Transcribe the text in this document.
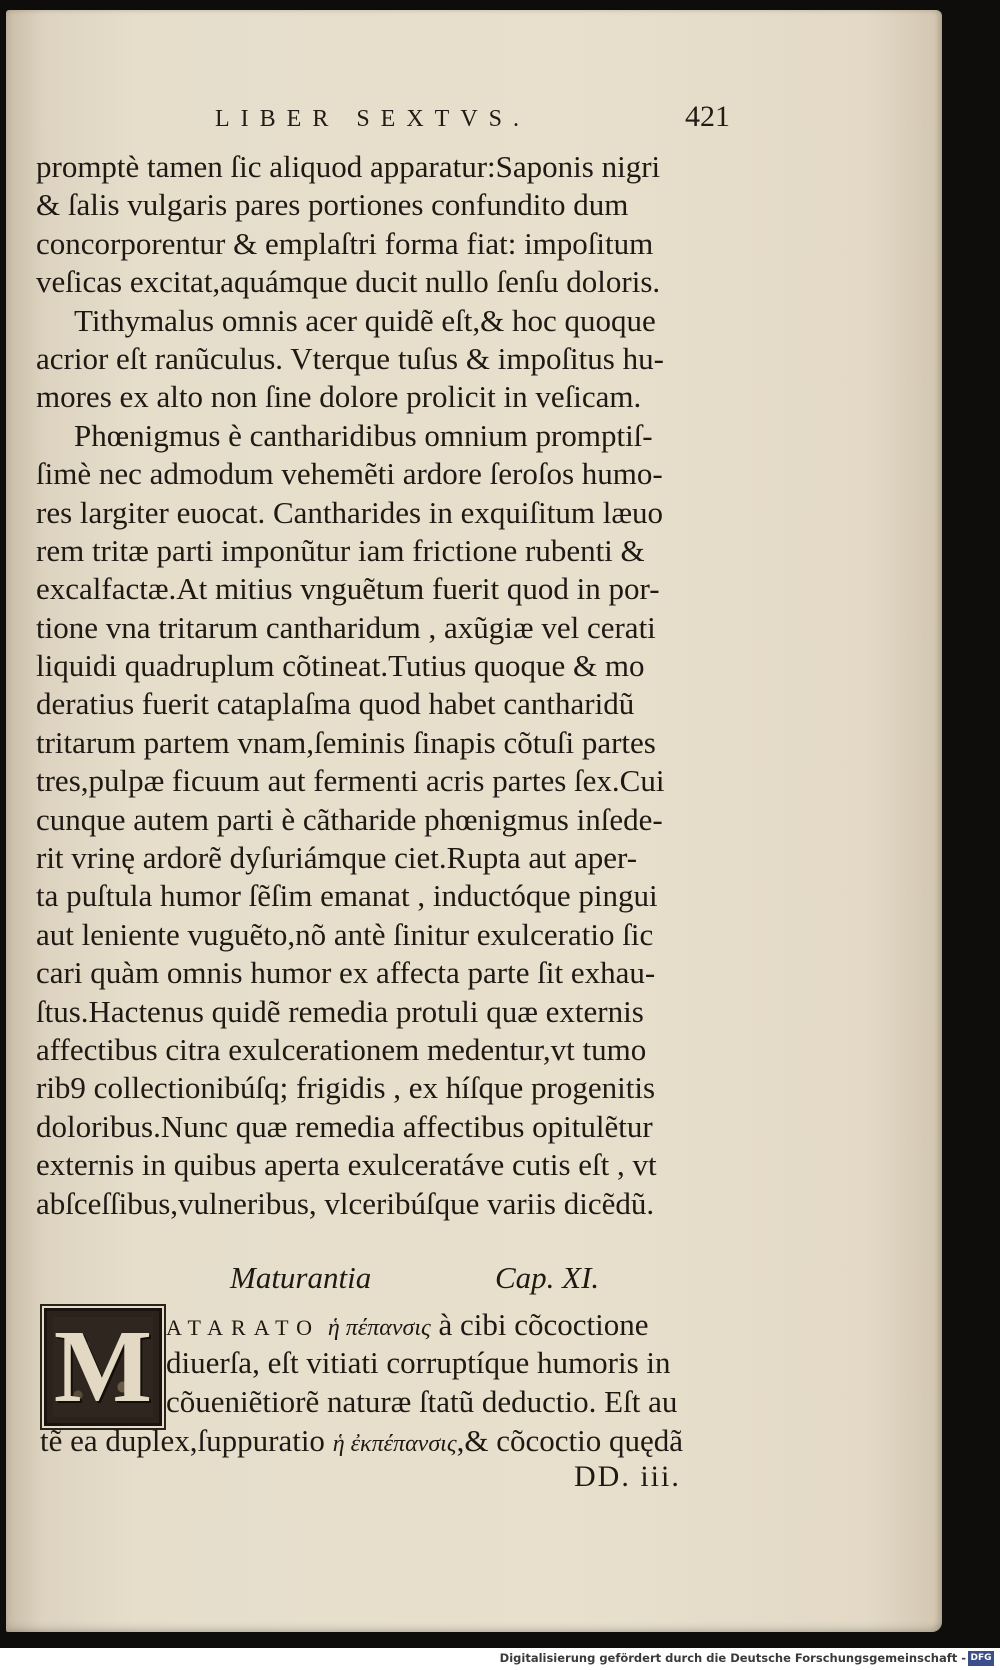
LIBER SEXTVS.	421
promptè tamen ſic aliquod apparatur:Saponis nigri
& ſalis vulgaris pares portiones confundito dum
concorporentur & emplaſtri forma fiat: impoſitum
veſicas excitat,aquámque ducit nullo ſenſu doloris.
Tithymalus omnis acer quidẽ eſt,& hoc quoque
acrior eſt ranũculus. Vterque tuſus & impoſitus hu-
mores ex alto non ſine dolore prolicit in veſicam.
Phœnigmus è cantharidibus omnium promptiſ-
ſimè nec admodum vehemẽti ardore ſeroſos humo-
res largiter euocat. Cantharides in exquiſitum læuo
rem tritæ parti imponũtur iam frictione rubenti &
excalfactæ.At mitius vnguẽtum fuerit quod in por-
tione vna tritarum cantharidum , axũgiæ vel cerati
liquidi quadruplum cõtineat.Tutius quoque & mo
deratius fuerit cataplaſma quod habet cantharidũ
tritarum partem vnam,ſeminis ſinapis cõtuſi partes
tres,pulpæ ficuum aut fermenti acris partes ſex.Cui
cunque autem parti è cãtharide phœnigmus inſede-
rit vrinę ardorẽ dyſuriámque ciet.Rupta aut aper-
ta puſtula humor ſẽſim emanat , inductóque pingui
aut leniente vuguẽto,nõ antè ſinitur exulceratio ſic
cari quàm omnis humor ex affecta parte ſit exhau-
ſtus.Hactenus quidẽ remedia protuli quæ externis
affectibus citra exulcerationem medentur,vt tumo
rib9 collectionibúſq; frigidis , ex híſque progenitis
doloribus.Nunc quæ remedia affectibus opitulẽtur
externis in quibus aperta exulceratáve cutis eſt , vt
abſceſſibus,vulneribus, vlceribúſque variis dicẽdũ.
Maturantia	Cap. XI.
M ATARATO ἡ πέπανσις à cibi cõcoctione
diuerſa, eſt vitiati corruptíque humoris in
cõueniẽtiorẽ naturæ ſtatũ deductio. Eſt au
tẽ ea duplex,ſuppuratio ἡ ἐκπέπανσις,& cõcoctio quędã
DD. iii.
Digitalisierung gefördert durch die Deutsche Forschungsgemeinschaft - DFG
